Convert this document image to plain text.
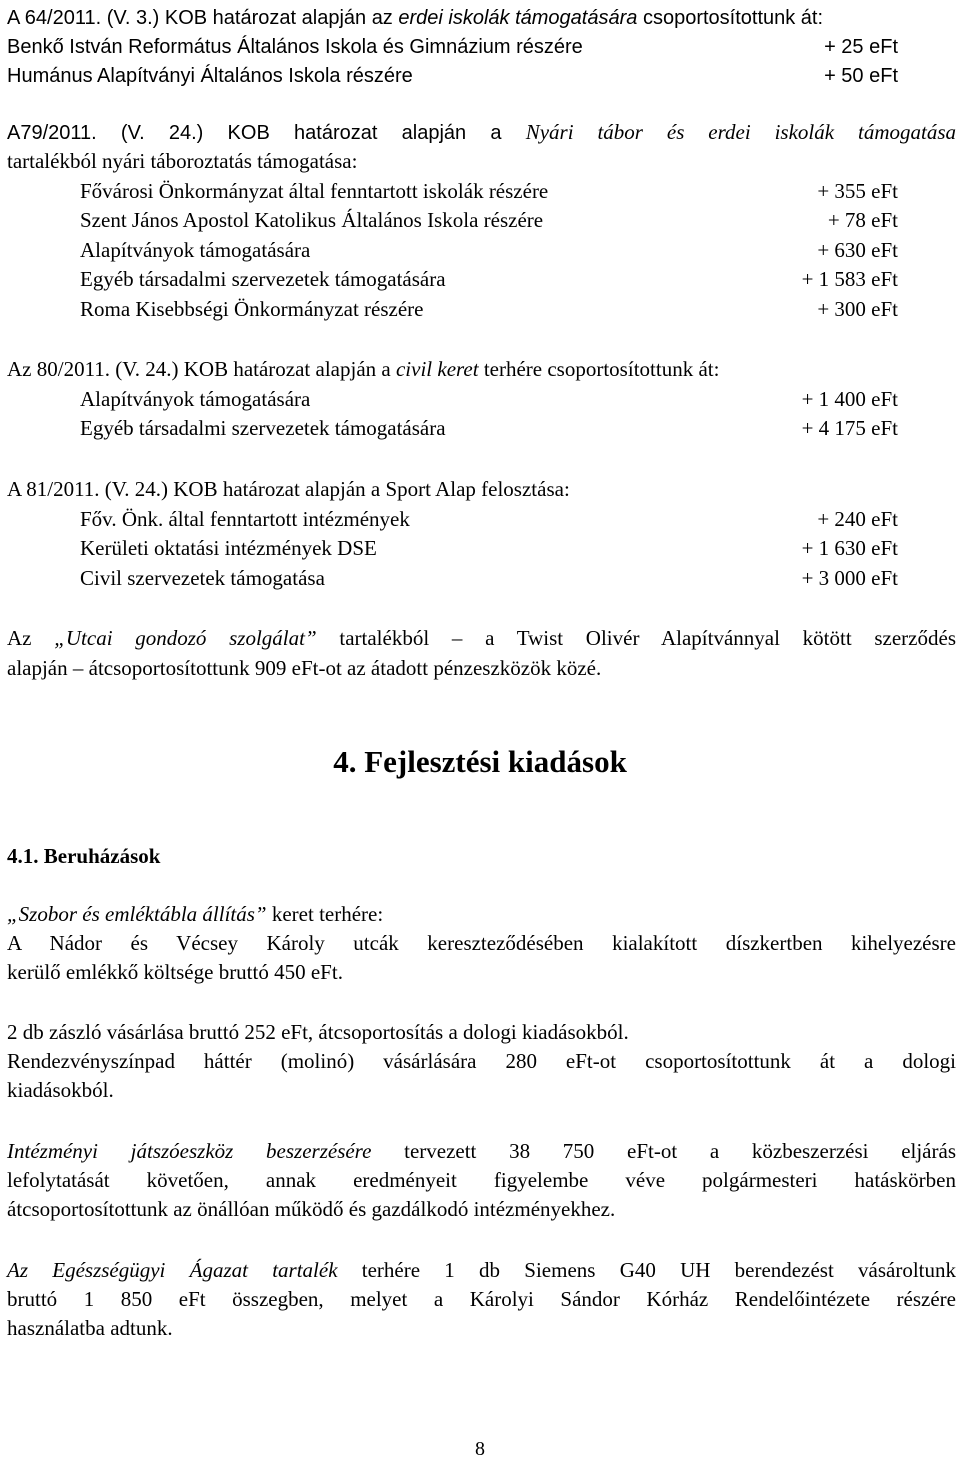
A 64/2011. (V. 3.) KOB határozat alapján az erdei iskolák támogatására csoportosítottunk át:
Benkő István Református Általános Iskola és Gimnázium részére	+ 25 eFt
Humánus Alapítványi Általános Iskola részére	+ 50 eFt
A79/2011. (V. 24.) KOB határozat alapján a Nyári tábor és erdei iskolák támogatása
tartalékból nyári táboroztatás támogatása:
Fővárosi Önkormányzat által fenntartott iskolák részére	+ 355 eFt
Szent János Apostol Katolikus Általános Iskola részére	+ 78 eFt
Alapítványok támogatására	+ 630 eFt
Egyéb társadalmi szervezetek támogatására	+ 1 583 eFt
Roma Kisebbségi Önkormányzat részére	+ 300 eFt
Az 80/2011. (V. 24.) KOB határozat alapján a civil keret terhére csoportosítottunk át:
Alapítványok támogatására	+ 1 400 eFt
Egyéb társadalmi szervezetek támogatására	+ 4 175 eFt
A 81/2011. (V. 24.) KOB határozat alapján a Sport Alap felosztása:
Főv. Önk. által fenntartott intézmények	+ 240 eFt
Kerületi oktatási intézmények DSE	+ 1 630 eFt
Civil szervezetek támogatása	+ 3 000 eFt
Az „Utcai gondozó szolgálat” tartalékból – a Twist Olivér Alapítvánnyal kötött szerződés
alapján – átcsoportosítottunk 909 eFt-ot az átadott pénzeszközök közé.
4. Fejlesztési kiadások
4.1. Beruházások
„Szobor és emléktábla állítás” keret terhére:
A Nádor és Vécsey Károly utcák kereszteződésében kialakított díszkertben kihelyezésre
kerülő emlékkő költsége bruttó 450 eFt.
2 db zászló vásárlása bruttó 252 eFt, átcsoportosítás a dologi kiadásokból.
Rendezvényszínpad háttér (molinó) vásárlására 280 eFt-ot csoportosítottunk át a dologi
kiadásokból.
Intézményi játszóeszköz beszerzésére tervezett 38 750 eFt-ot a közbeszerzési eljárás
lefolytatását követően, annak eredményeit figyelembe véve polgármesteri hatáskörben
átcsoportosítottunk az önállóan működő és gazdálkodó intézményekhez.
Az Egészségügyi Ágazat tartalék terhére 1 db Siemens G40 UH berendezést vásároltunk
bruttó 1 850 eFt összegben, melyet a Károlyi Sándor Kórház Rendelőintézete részére
használatba adtunk.
8
